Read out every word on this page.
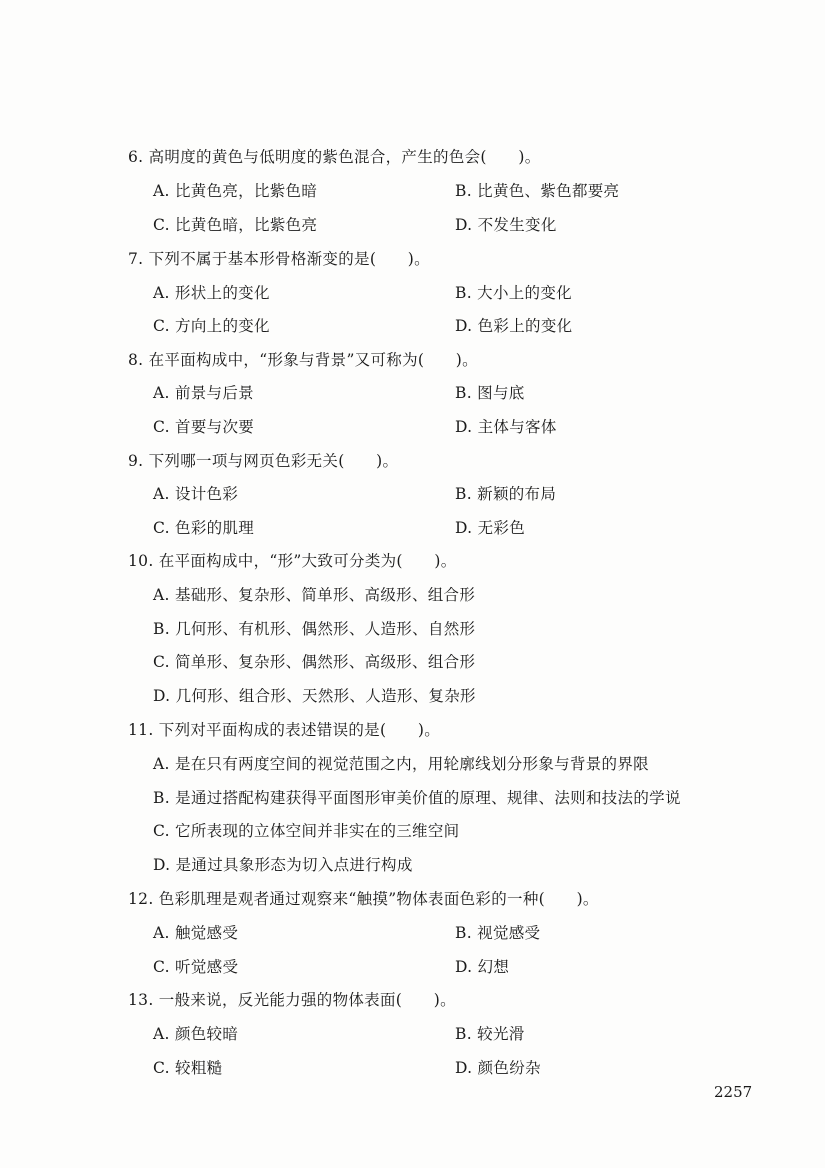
6. 高明度的黄色与低明度的紫色混合，产生的色会(　　)。
A. 比黄色亮，比紫色暗	B. 比黄色、紫色都要亮
C. 比黄色暗，比紫色亮	D. 不发生变化
7. 下列不属于基本形骨格渐变的是(　　)。
A. 形状上的变化	B. 大小上的变化
C. 方向上的变化	D. 色彩上的变化
8. 在平面构成中，“形象与背景”又可称为(　　)。
A. 前景与后景	B. 图与底
C. 首要与次要	D. 主体与客体
9. 下列哪一项与网页色彩无关(　　)。
A. 设计色彩	B. 新颖的布局
C. 色彩的肌理	D. 无彩色
10. 在平面构成中，“形”大致可分类为(　　)。
A. 基础形、复杂形、简单形、高级形、组合形
B. 几何形、有机形、偶然形、人造形、自然形
C. 简单形、复杂形、偶然形、高级形、组合形
D. 几何形、组合形、天然形、人造形、复杂形
11. 下列对平面构成的表述错误的是(　　)。
A. 是在只有两度空间的视觉范围之内，用轮廓线划分形象与背景的界限
B. 是通过搭配构建获得平面图形审美价值的原理、规律、法则和技法的学说
C. 它所表现的立体空间并非实在的三维空间
D. 是通过具象形态为切入点进行构成
12. 色彩肌理是观者通过观察来“触摸”物体表面色彩的一种(　　)。
A. 触觉感受	B. 视觉感受
C. 听觉感受	D. 幻想
13. 一般来说，反光能力强的物体表面(　　)。
A. 颜色较暗	B. 较光滑
C. 较粗糙	D. 颜色纷杂
2257
